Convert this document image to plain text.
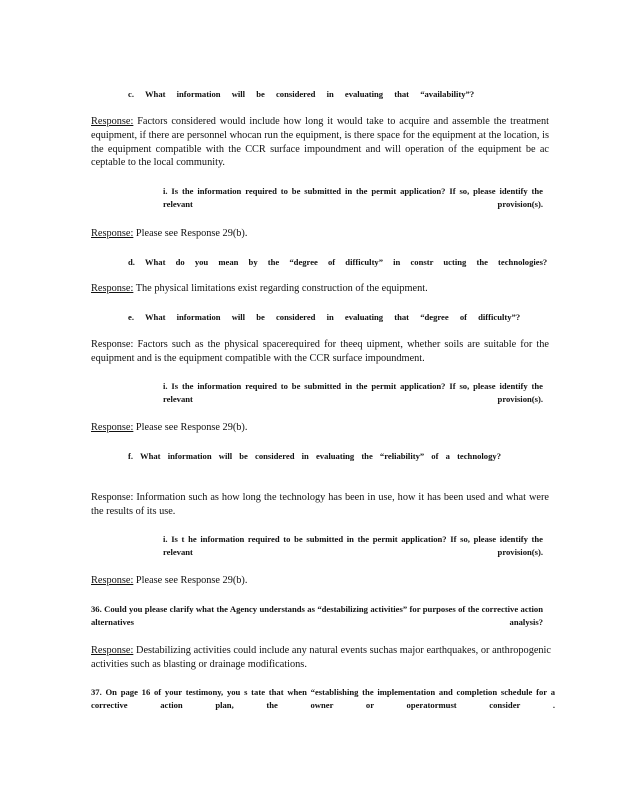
c. What information will be considered in evaluating that “availability”?

Response: Factors considered would include how long it would take to acquire and assemble the treatment equipment, if there are personnel whocan run the equipment, is there space for the equipment at the location, is the equipment compatible with the CCR surface impoundment and will operation of the equipment be ac ceptable to the local community.

i. Is the information required to be submitted in the permit application? If so, please identify the relevant provision(s).

Response: Please see Response 29(b).

d. What do you mean by the “degree of difficulty” in constr ucting the technologies?

Response: The physical limitations exist regarding construction of the equipment.

e. What information will be considered in evaluating that “degree of difficulty”?

Response: Factors such as the physical spacerequired for theeq uipment, whether soils are suitable for the equipment and is the equipment compatible with the CCR surface impoundment.

i. Is the information required to be submitted in the permit application? If so, please identify the relevant provision(s).

Response: Please see Response 29(b).

f. What information will be considered in evaluating the “reliability” of a technology?

Response: Information such as how long the technology has been in use, how it has been used and what were the results of its use.

i. Is t he information required to be submitted in the permit application? If so, please identify the relevant provision(s).

Response: Please see Response 29(b).

36. Could you please clarify what the Agency understands as “destabilizing activities” for purposes of the corrective action alternatives analysis?

Response: Destabilizing activities could include any natural events suchas major earthquakes, or anthropogenic activities such as blasting or drainage modifications.

37. On page 16 of your testimony, you s tate that when “establishing the implementation and completion schedule for a corrective action plan, the owner or operatormust consider .
